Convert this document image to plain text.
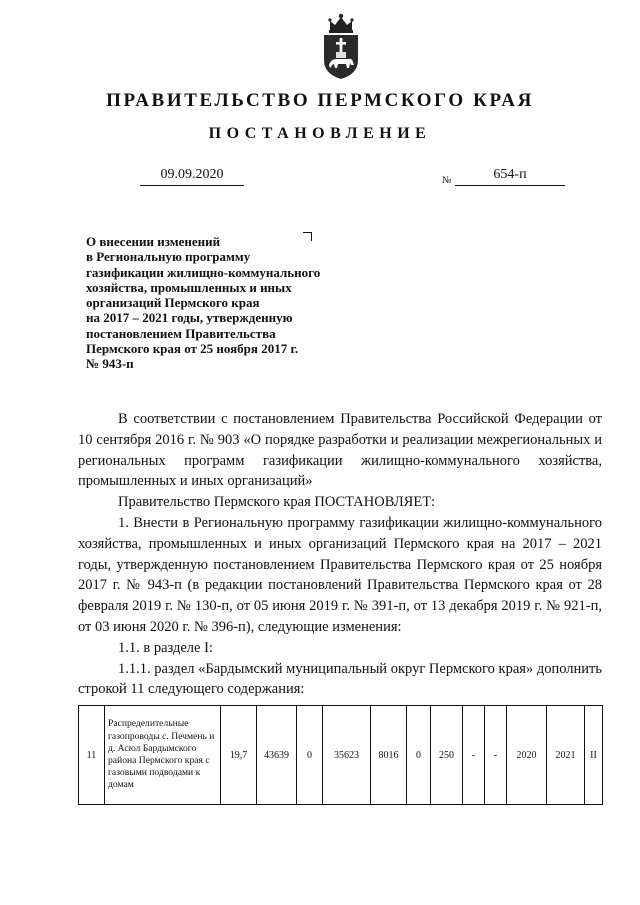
ПРАВИТЕЛЬСТВО ПЕРМСКОГО КРАЯ
ПОСТАНОВЛЕНИЕ
09.09.2020	№	654-п
О внесении изменений
в Региональную программу
газификации жилищно-коммунального
хозяйства, промышленных и иных
организаций Пермского края
на 2017 – 2021 годы, утвержденную
постановлением Правительства
Пермского края от 25 ноября 2017 г.
№ 943-п

В соответствии с постановлением Правительства Российской Федерации от 10 сентября 2016 г. № 903 «О порядке разработки и реализации межрегиональных и региональных программ газификации жилищно-коммунального хозяйства, промышленных и иных организаций»

Правительство Пермского края ПОСТАНОВЛЯЕТ:

1. Внести в Региональную программу газификации жилищно-коммунального хозяйства, промышленных и иных организаций Пермского края на 2017 – 2021 годы, утвержденную постановлением Правительства Пермского края от 25 ноября 2017 г. № 943-п (в редакции постановлений Правительства Пермского края от 28 февраля 2019 г. № 130-п, от 05 июня 2019 г. № 391-п, от 13 декабря 2019 г. № 921-п, от 03 июня 2020 г. № 396-п), следующие изменения:

1.1. в разделе I:

1.1.1. раздел «Бардымский муниципальный округ Пермского края» дополнить строкой 11 следующего содержания:

11	Распределительные газопроводы с. Печмень и д. Асюл Бардымского района Пермского края с газовыми подводами к домам	19,7	43639	0	35623	8016	0	250	-	-	2020	2021	II
